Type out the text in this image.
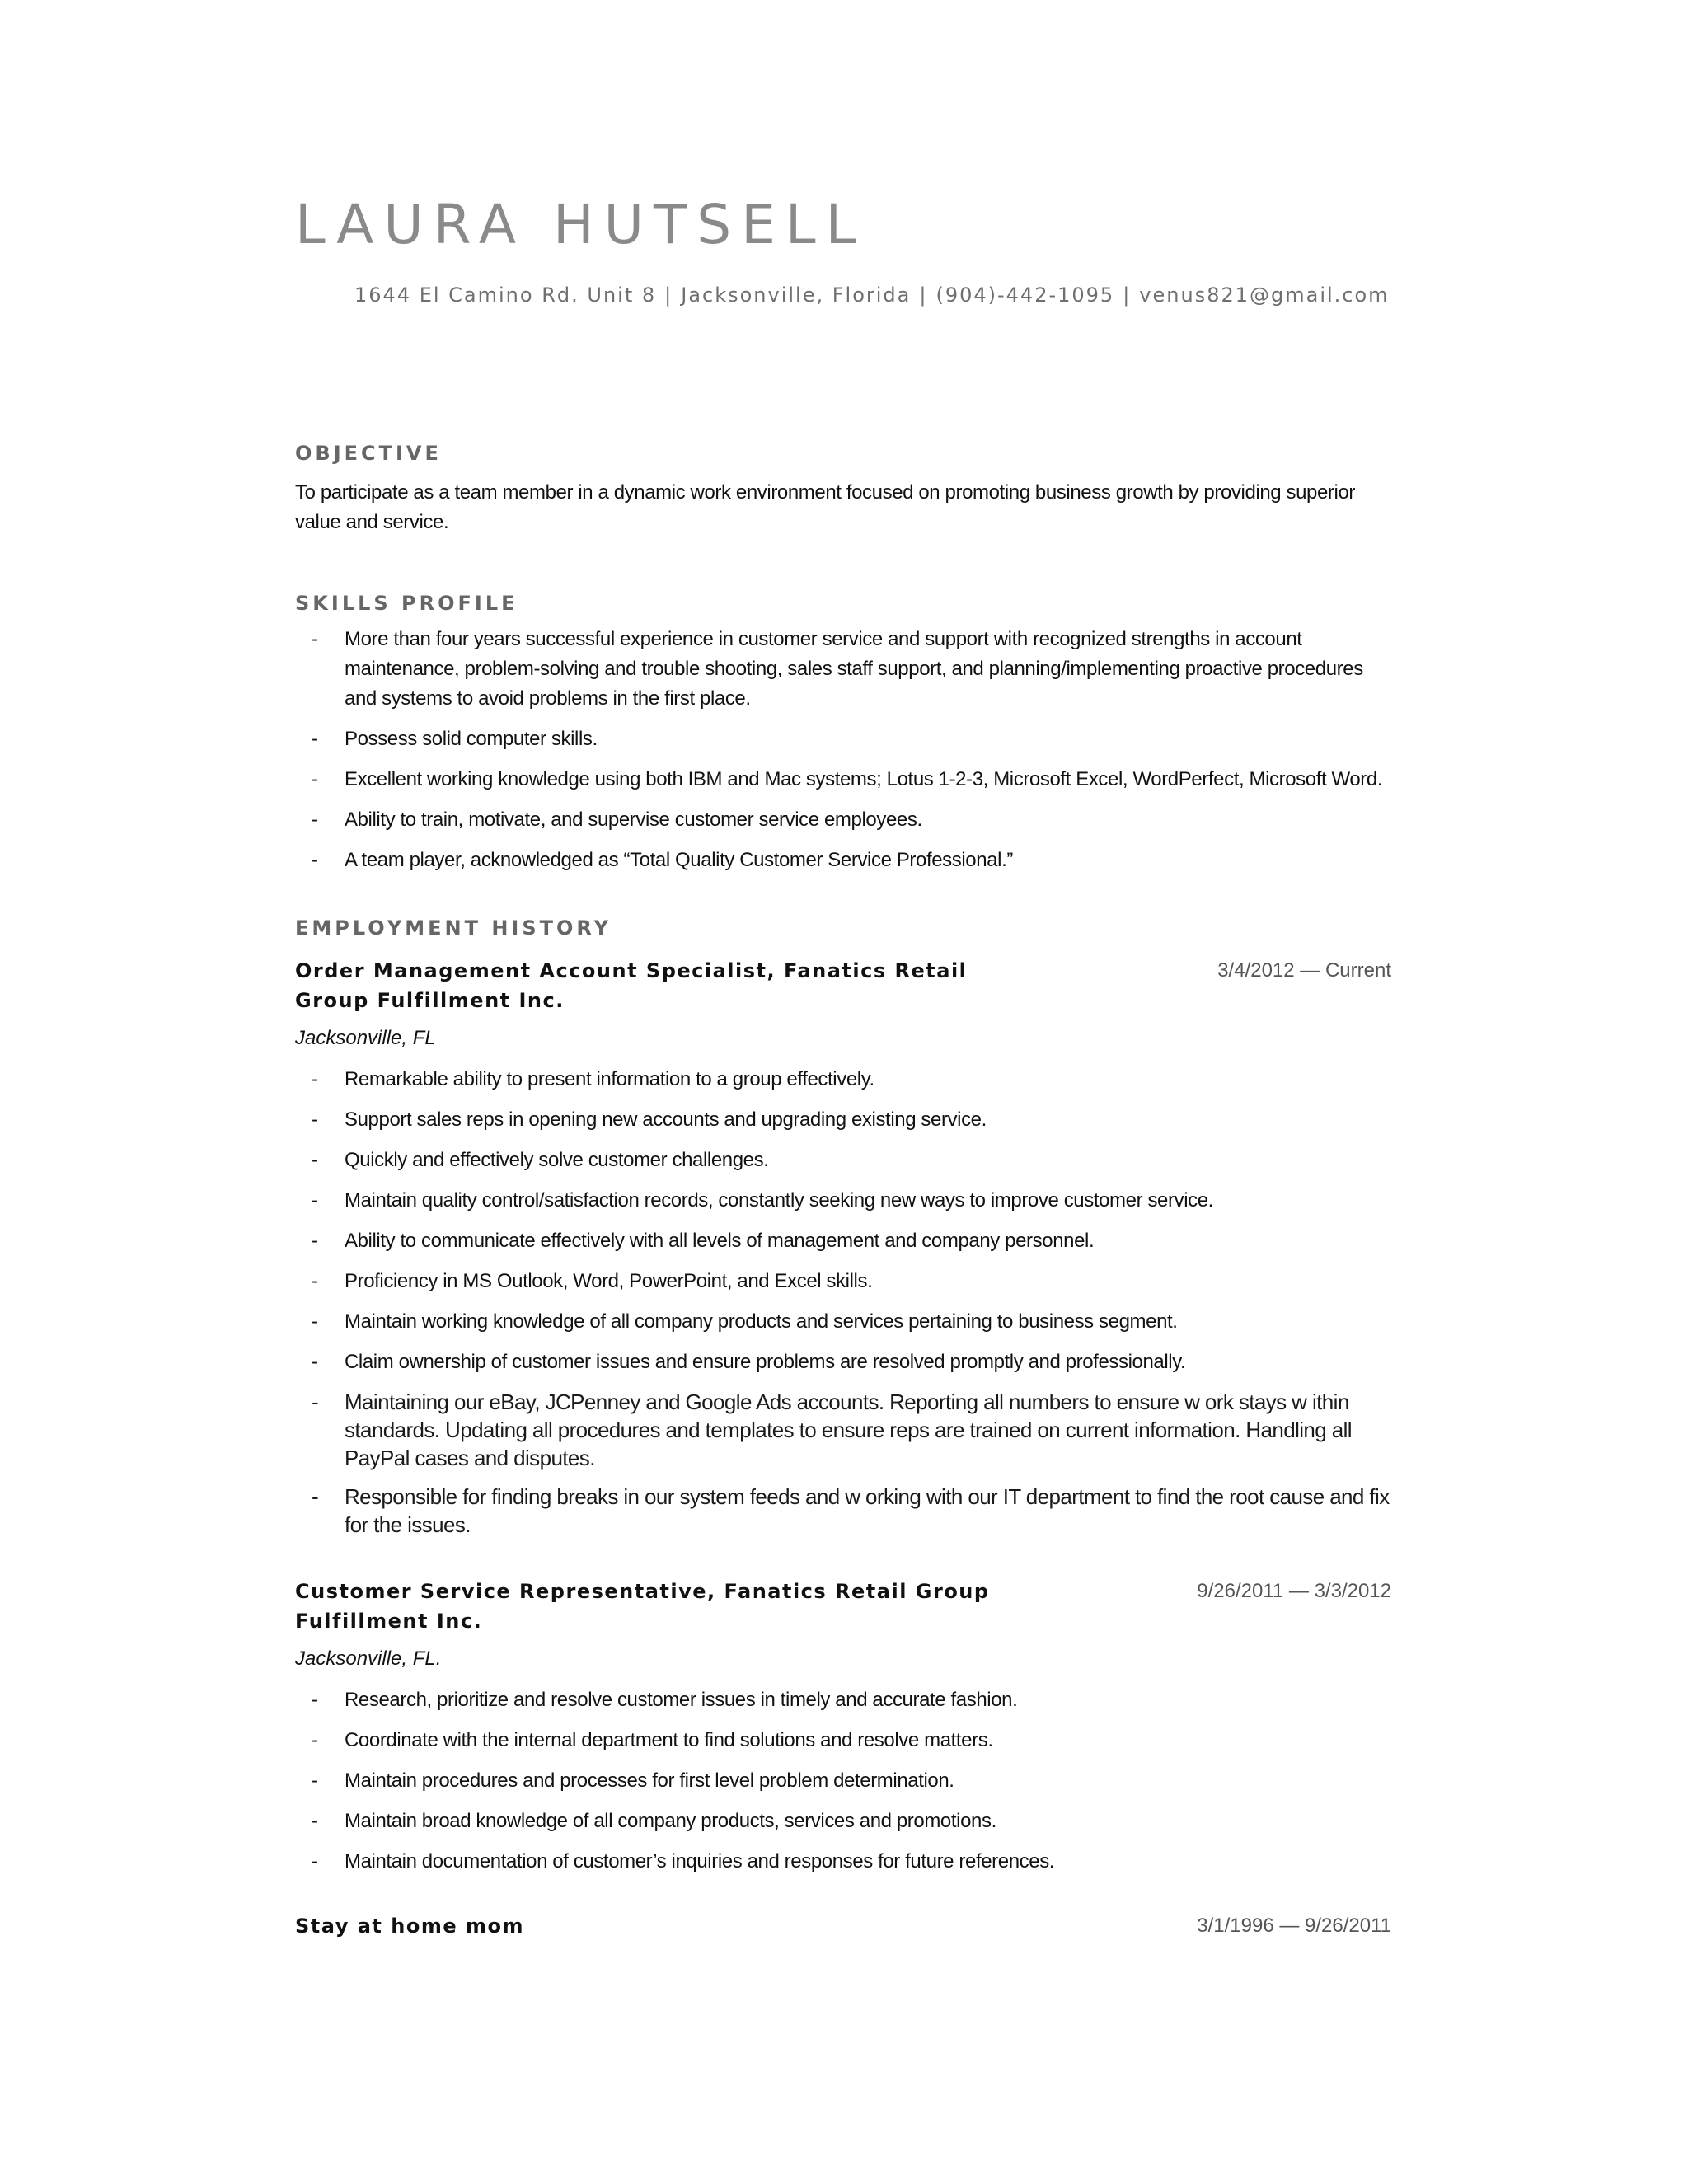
LAURA HUTSELL
1644 El Camino Rd. Unit 8 | Jacksonville, Florida | (904)-442-1095 | venus821@gmail.com
OBJECTIVE
To participate as a team member in a dynamic work environment focused on promoting business growth by providing superior value and service.
SKILLS PROFILE
- More than four years successful experience in customer service and support with recognized strengths in account maintenance, problem-solving and trouble shooting, sales staff support, and planning/implementing proactive procedures and systems to avoid problems in the first place.
- Possess solid computer skills.
- Excellent working knowledge using both IBM and Mac systems; Lotus 1-2-3, Microsoft Excel, WordPerfect, Microsoft Word.
- Ability to train, motivate, and supervise customer service employees.
- A team player, acknowledged as “Total Quality Customer Service Professional.”
EMPLOYMENT HISTORY
Order Management Account Specialist, Fanatics Retail Group Fulfillment Inc.
3/4/2012 — Current
Jacksonville, FL
- Remarkable ability to present information to a group effectively.
- Support sales reps in opening new accounts and upgrading existing service.
- Quickly and effectively solve customer challenges.
- Maintain quality control/satisfaction records, constantly seeking new ways to improve customer service.
- Ability to communicate effectively with all levels of management and company personnel.
- Proficiency in MS Outlook, Word, PowerPoint, and Excel skills.
- Maintain working knowledge of all company products and services pertaining to business segment.
- Claim ownership of customer issues and ensure problems are resolved promptly and professionally.
- Maintaining our eBay, JCPenney and Google Ads accounts. Reporting all numbers to ensure w ork stays w ithin standards. Updating all procedures and templates to ensure reps are trained on current information. Handling all PayPal cases and disputes.
- Responsible for finding breaks in our system feeds and w orking with our IT department to find the root cause and fix for the issues.
Customer Service Representative, Fanatics Retail Group Fulfillment Inc.
9/26/2011 — 3/3/2012
Jacksonville, FL.
- Research, prioritize and resolve customer issues in timely and accurate fashion.
- Coordinate with the internal department to find solutions and resolve matters.
- Maintain procedures and processes for first level problem determination.
- Maintain broad knowledge of all company products, services and promotions.
- Maintain documentation of customer’s inquiries and responses for future references.
Stay at home mom	3/1/1996 — 9/26/2011
